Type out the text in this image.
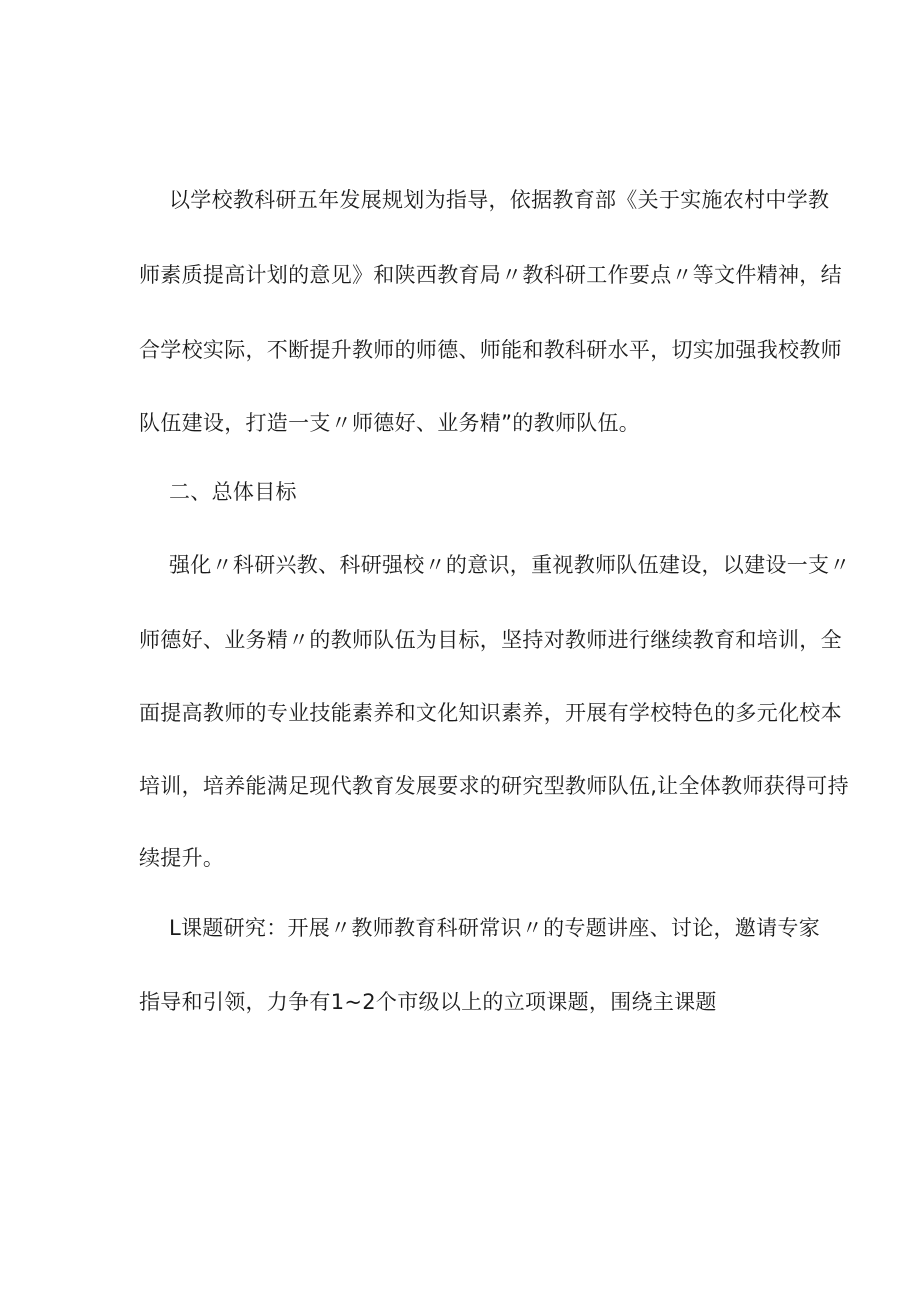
以学校教科研五年发展规划为指导，依据教育部《关于实施农村中学教
师素质提高计划的意见》和陕西教育局〃教科研工作要点〃等文件精神，结
合学校实际，不断提升教师的师德、师能和教科研水平，切实加强我校教师
队伍建设，打造一支〃师德好、业务精”的教师队伍。
二、总体目标
强化〃科研兴教、科研强校〃的意识，重视教师队伍建设，以建设一支〃
师德好、业务精〃的教师队伍为目标，坚持对教师进行继续教育和培训，全
面提高教师的专业技能素养和文化知识素养，开展有学校特色的多元化校本
培训，培养能满足现代教育发展要求的研究型教师队伍,让全体教师获得可持
续提升。
L课题研究：开展〃教师教育科研常识〃的专题讲座、讨论，邀请专家
指导和引领，力争有1~2个市级以上的立项课题，围绕主课题
